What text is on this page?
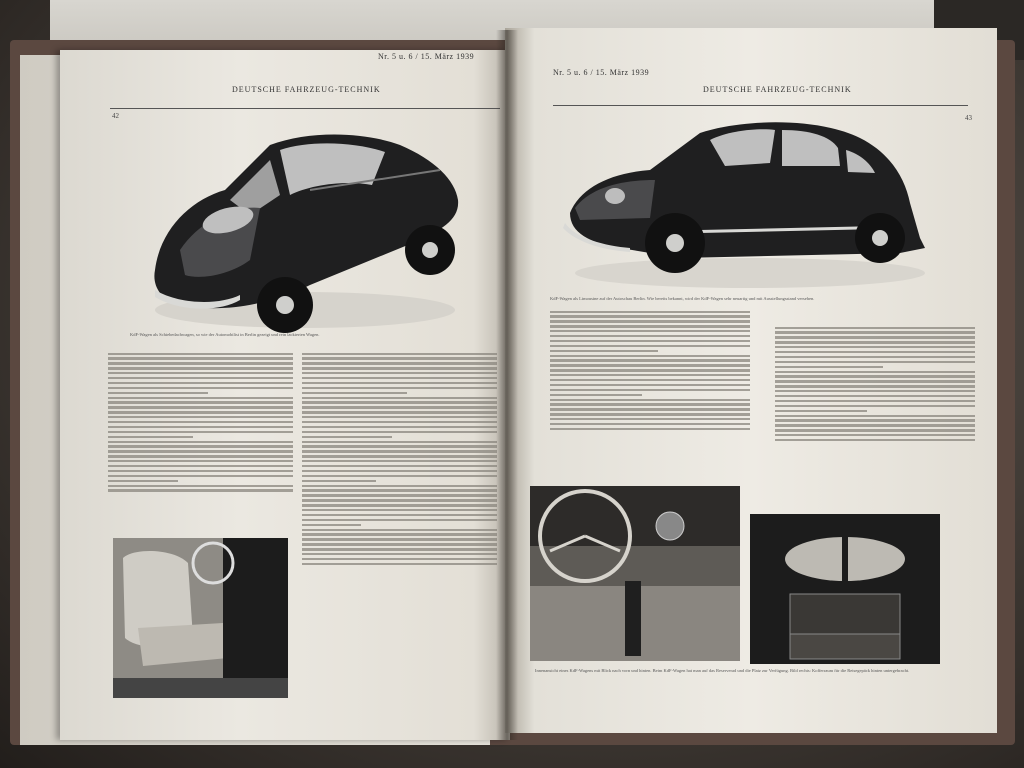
DEUTSCHE FAHRZEUG-TECHNIK
Nr. 5 u. 6 / 15. März 1939
42
KdF-Wagen als Schiebedachwagen, so wie der Automobilist in Berlin gezeigt und rein lackierten Wagen.
Nr. 5 u. 6 / 15. März 1939
DEUTSCHE FAHRZEUG-TECHNIK
43
KdF-Wagen als Limousine auf der Autoschau Berlin. Wie bereits bekannt, wird der KdF-Wagen sehr neuartig und mit Ausstellungsstand versehen.
Innenansicht eines KdF-Wagens mit Blick nach vorn und hinten. Beim KdF-Wagen hat man auf das Reserverad und die Platz zur Verfügung. Bild rechts: Kofferraum für die Reisegepäck hinten untergebracht.
